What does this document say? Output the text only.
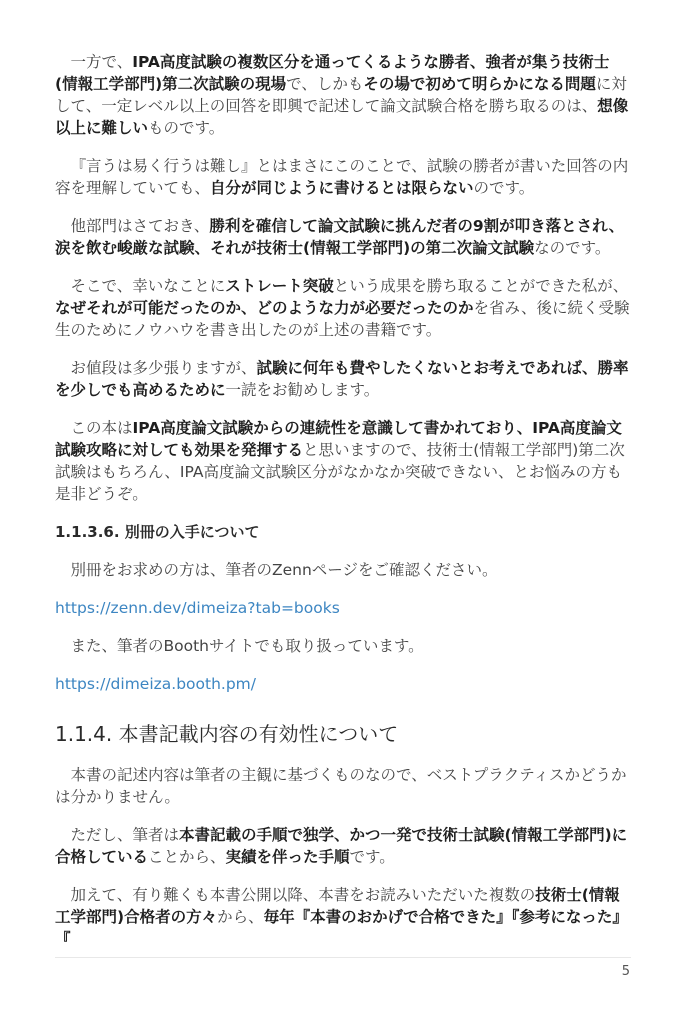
一方で、IPA高度試験の複数区分を通ってくるような勝者、強者が集う技術士(情報工学部門)第二次試験の現場で、しかもその場で初めて明らかになる問題に対して、一定レベル以上の回答を即興で記述して論文試験合格を勝ち取るのは、想像以上に難しいものです。

『言うは易く行うは難し』とはまさにこのことで、試験の勝者が書いた回答の内容を理解していても、自分が同じように書けるとは限らないのです。

他部門はさておき、勝利を確信して論文試験に挑んだ者の9割が叩き落とされ、涙を飲む峻厳な試験、それが技術士(情報工学部門)の第二次論文試験なのです。

そこで、幸いなことにストレート突破という成果を勝ち取ることができた私が、なぜそれが可能だったのか、どのような力が必要だったのかを省み、後に続く受験生のためにノウハウを書き出したのが上述の書籍です。

お値段は多少張りますが、試験に何年も費やしたくないとお考えであれば、勝率を少しでも高めるために一読をお勧めします。

この本はIPA高度論文試験からの連続性を意識して書かれており、IPA高度論文試験攻略に対しても効果を発揮すると思いますので、技術士(情報工学部門)第二次試験はもちろん、IPA高度論文試験区分がなかなか突破できない、とお悩みの方も是非どうぞ。

1.1.3.6. 別冊の入手について

別冊をお求めの方は、筆者のZennページをご確認ください。

https://zenn.dev/dimeiza?tab=books

また、筆者のBoothサイトでも取り扱っています。

https://dimeiza.booth.pm/

1.1.4. 本書記載内容の有効性について

本書の記述内容は筆者の主観に基づくものなので、ベストプラクティスかどうかは分かりません。

ただし、筆者は本書記載の手順で独学、かつ一発で技術士試験(情報工学部門)に合格していることから、実績を伴った手順です。

加えて、有り難くも本書公開以降、本書をお読みいただいた複数の技術士(情報工学部門)合格者の方々から、毎年『本書のおかげで合格できた』『参考になった』『

5
